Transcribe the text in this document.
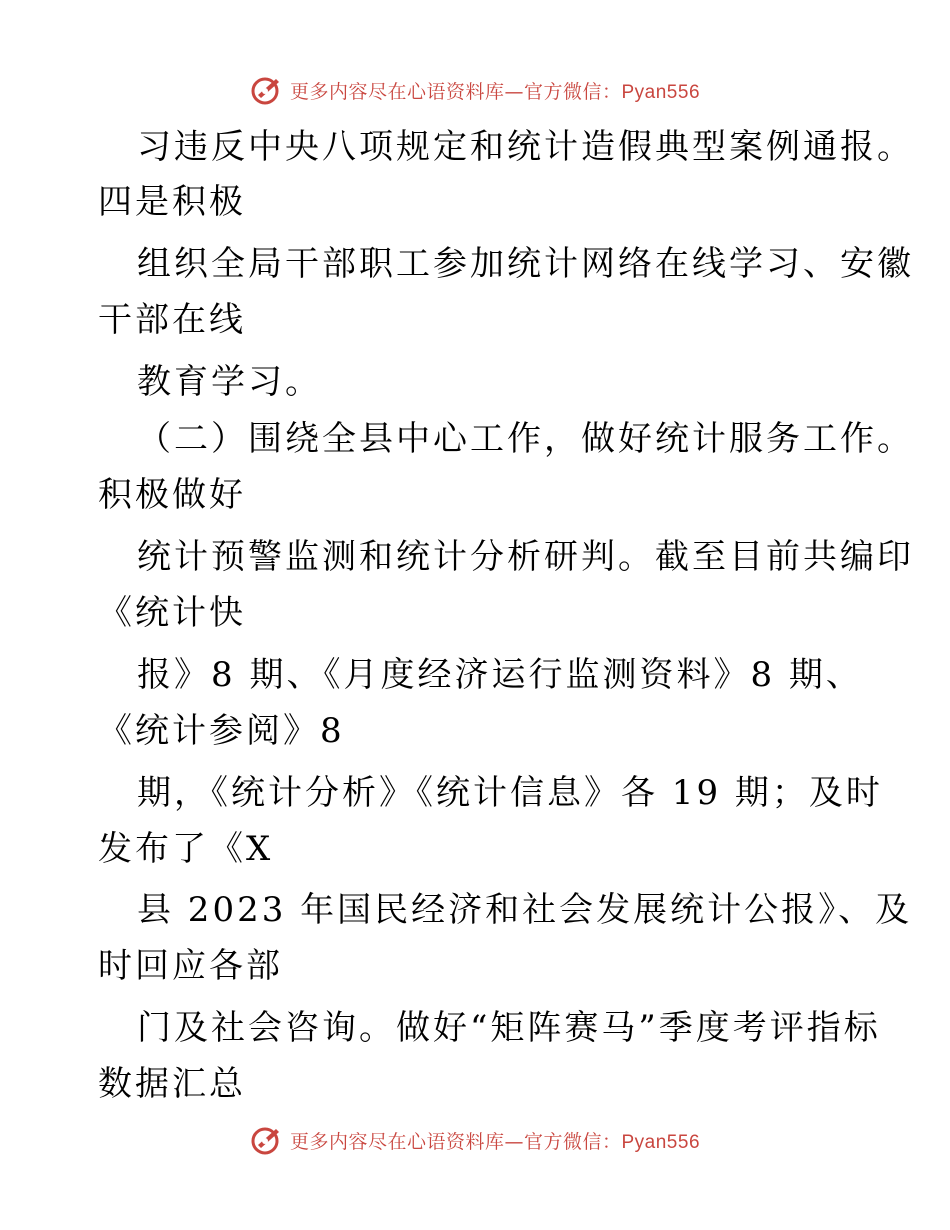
更多内容尽在心语资料库—官方微信：Pyan556
习违反中央八项规定和统计造假典型案例通报。
四是积极
组织全局干部职工参加统计网络在线学习、安徽
干部在线
教育学习。
（二）围绕全县中心工作，做好统计服务工作。
积极做好
统计预警监测和统计分析研判。截至目前共编印
《统计快
报》8 期、《月度经济运行监测资料》8 期、
《统计参阅》8
期，《统计分析》《统计信息》各 19 期；及时
发布了《X
县 2023 年国民经济和社会发展统计公报》、及
时回应各部
门及社会咨询。做好“矩阵赛马”季度考评指标
数据汇总
更多内容尽在心语资料库—官方微信：Pyan556
